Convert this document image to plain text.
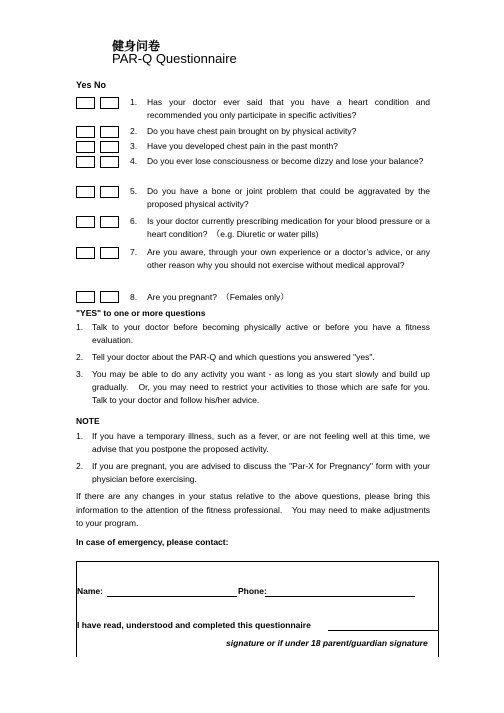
健身问卷
PAR-Q Questionnaire
Yes No
1. Has your doctor ever said that you have a heart condition and recommended you only participate in specific activities?
2. Do you have chest pain brought on by physical activity?
3. Have you developed chest pain in the past month?
4. Do you ever lose consciousness or become dizzy and lose your balance?
5. Do you have a bone or joint problem that could be aggravated by the proposed physical activity?
6. Is your doctor currently prescribing medication for your blood pressure or a heart condition?　（e.g. Diuretic or water pills)
7. Are you aware, through your own experience or a doctor’s advice, or any other reason why you should not exercise without medical approval?
8. Are you pregnant?　（Females only）
"YES" to one or more questions
1. Talk to your doctor before becoming physically active or before you have a fitness evaluation.
2. Tell your doctor about the PAR-Q and which questions you answered "yes".
3. You may be able to do any activity you want - as long as you start slowly and build up gradually.　Or, you may need to restrict your activities to those which are safe for you. Talk to your doctor and follow his/her advice.
NOTE
1. If you have a temporary illness, such as a fever, or are not feeling well at this time, we advise that you postpone the proposed activity.
2. If you are pregnant, you are advised to discuss the "Par-X for Pregnancy" form with your physician before exercising.
If there are any changes in your status relative to the above questions, please bring this information to the attention of the fitness professional.　You may need to make adjustments to your program.
In case of emergency, please contact:
Name:	Phone:
I have read, understood and completed this questionnaire
signature or if under 18 parent/guardian signature
